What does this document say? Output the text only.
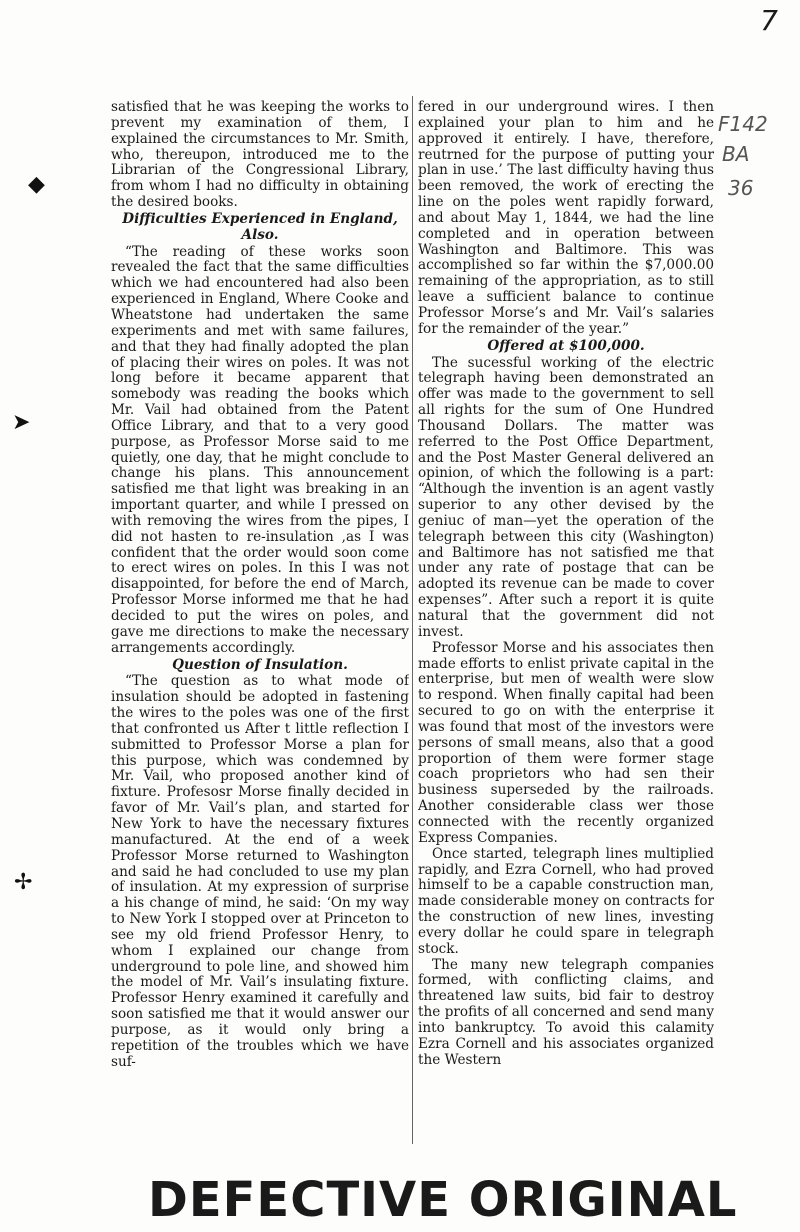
7
F142
BA
36
◆
➤
✢

satisfied that he was keeping the works to prevent my examination of them, I explained the circumstances to Mr. Smith, who, thereupon, introduced me to the Librarian of the Congressional Library, from whom I had no difficulty in obtaining the desired books.

Difficulties Experienced in England, Also.

“The reading of these works soon revealed the fact that the same difficulties which we had encountered had also been experienced in England, Where Cooke and Wheatstone had undertaken the same experiments and met with same failures, and that they had finally adopted the plan of placing their wires on poles. It was not long before it became apparent that somebody was reading the books which Mr. Vail had obtained from the Patent Office Library, and that to a very good purpose, as Professor Morse said to me quietly, one day, that he might conclude to change his plans. This announcement satisfied me that light was breaking in an important quarter, and while I pressed on with removing the wires from the pipes, I did not hasten to re-insulation ,as I was confident that the order would soon come to erect wires on poles. In this I was not disappointed, for before the end of March, Professor Morse informed me that he had decided to put the wires on poles, and gave me directions to make the necessary arrangements accordingly.

Question of Insulation.

“The question as to what mode of insulation should be adopted in fastening the wires to the poles was one of the first that confronted us After t little reflection I submitted to Professor Morse a plan for this purpose, which was condemned by Mr. Vail, who proposed another kind of fixture. Profesosr Morse finally decided in favor of Mr. Vail’s plan, and started for New York to have the necessary fixtures manufactured. At the end of a week Professor Morse returned to Washington and said he had concluded to use my plan of insulation. At my expression of surprise a his change of mind, he said: ‘On my way to New York I stopped over at Princeton to see my old friend Professor Henry, to whom I explained our change from underground to pole line, and showed him the model of Mr. Vail’s insulating fixture. Professor Henry examined it carefully and soon satisfied me that it would answer our purpose, as it would only bring a repetition of the troubles which we have suf-

fered in our underground wires. I then explained your plan to him and he approved it entirely. I have, therefore, reutrned for the purpose of putting your plan in use.’ The last difficulty having thus been removed, the work of erecting the line on the poles went rapidly forward, and about May 1, 1844, we had the line completed and in operation between Washington and Baltimore. This was accomplished so far within the $7,000.00 remaining of the appropriation, as to still leave a sufficient balance to continue Professor Morse’s and Mr. Vail’s salaries for the remainder of the year.”

Offered at $100,000.

The sucessful working of the electric telegraph having been demonstrated an offer was made to the government to sell all rights for the sum of One Hundred Thousand Dollars. The matter was referred to the Post Office Department, and the Post Master General delivered an opinion, of which the following is a part: “Although the invention is an agent vastly superior to any other devised by the geniuc of man—yet the operation of the telegraph between this city (Washington) and Baltimore has not satisfied me that under any rate of postage that can be adopted its revenue can be made to cover expenses”. After such a report it is quite natural that the government did not invest.

Professor Morse and his associates then made efforts to enlist private capital in the enterprise, but men of wealth were slow to respond. When finally capital had been secured to go on with the enterprise it was found that most of the investors were persons of small means, also that a good proportion of them were former stage coach proprietors who had sen their business superseded by the railroads. Another considerable class wer those connected with the recently organized Express Companies.

Once started, telegraph lines multiplied rapidly, and Ezra Cornell, who had proved himself to be a capable construction man, made considerable money on contracts for the construction of new lines, investing every dollar he could spare in telegraph stock.

The many new telegraph companies formed, with conflicting claims, and threatened law suits, bid fair to destroy the profits of all concerned and send many into bankruptcy. To avoid this calamity Ezra Cornell and his associates organized the Western

DEFECTIVE ORIGINAL
